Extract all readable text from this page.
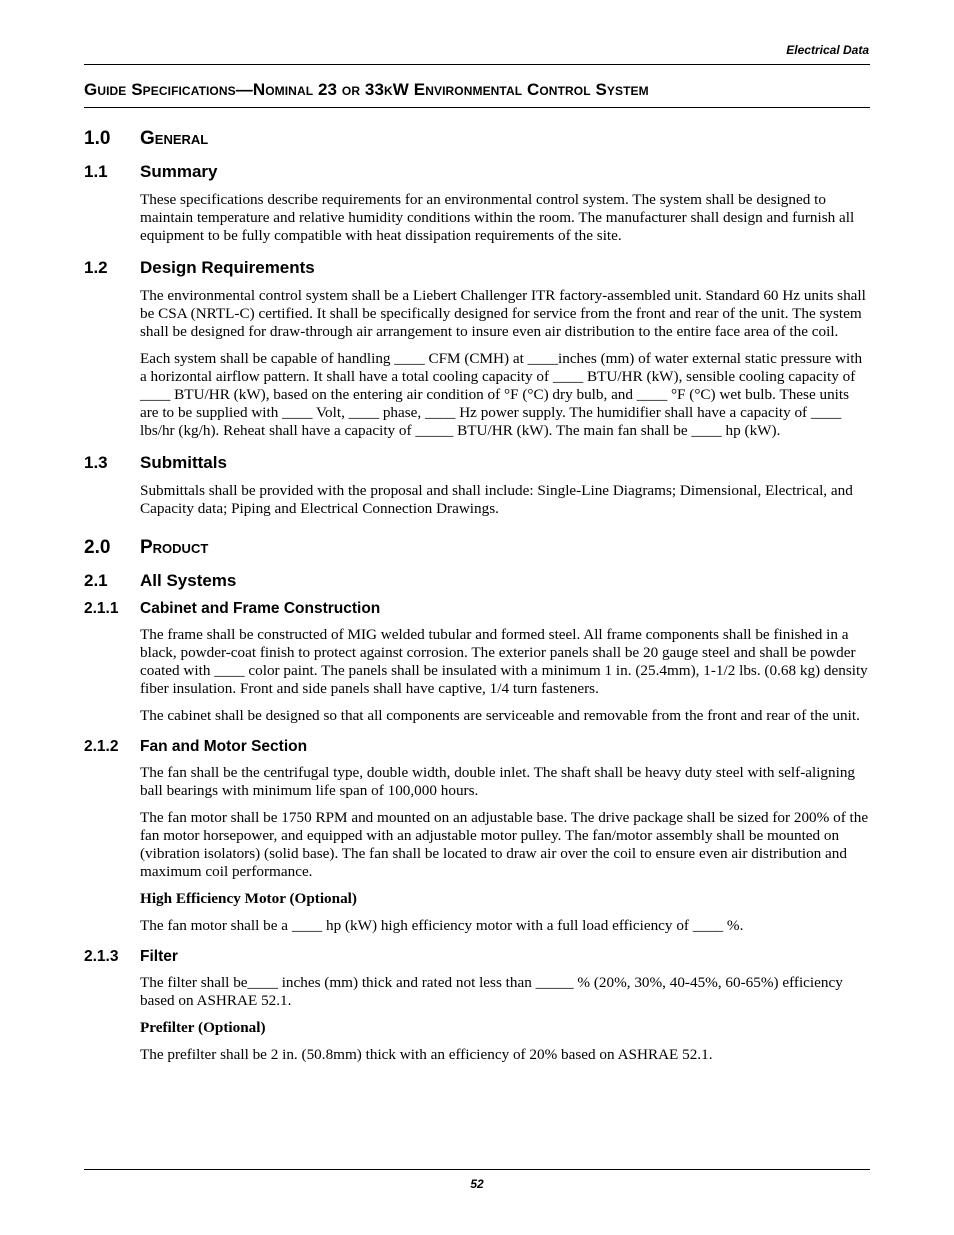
Electrical Data
Guide Specifications—Nominal 23 or 33kW Environmental Control System
1.0	General
1.1	Summary

These specifications describe requirements for an environmental control system. The system shall be designed to maintain temperature and relative humidity conditions within the room. The manufacturer shall design and furnish all equipment to be fully compatible with heat dissipation requirements of the site.

1.2	Design Requirements

The environmental control system shall be a Liebert Challenger ITR factory-assembled unit. Standard 60 Hz units shall be CSA (NRTL-C) certified. It shall be specifically designed for service from the front and rear of the unit. The system shall be designed for draw-through air arrangement to insure even air distribution to the entire face area of the coil.

Each system shall be capable of handling ____ CFM (CMH) at ____inches (mm) of water external static pressure with a horizontal airflow pattern. It shall have a total cooling capacity of ____ BTU/HR (kW), sensible cooling capacity of ____ BTU/HR (kW), based on the entering air condition of °F (°C) dry bulb, and ____ °F (°C) wet bulb. These units are to be supplied with ____ Volt, ____ phase, ____ Hz power supply. The humidifier shall have a capacity of ____ lbs/hr (kg/h). Reheat shall have a capacity of _____ BTU/HR (kW). The main fan shall be ____ hp (kW).

1.3	Submittals

Submittals shall be provided with the proposal and shall include: Single-Line Diagrams; Dimensional, Electrical, and Capacity data; Piping and Electrical Connection Drawings.

2.0	Product
2.1	All Systems
2.1.1	Cabinet and Frame Construction

The frame shall be constructed of MIG welded tubular and formed steel. All frame components shall be finished in a black, powder-coat finish to protect against corrosion. The exterior panels shall be 20 gauge steel and shall be powder coated with ____ color paint. The panels shall be insulated with a minimum 1 in. (25.4mm), 1-1/2 lbs. (0.68 kg) density fiber insulation. Front and side panels shall have captive, 1/4 turn fasteners.

The cabinet shall be designed so that all components are serviceable and removable from the front and rear of the unit.

2.1.2	Fan and Motor Section

The fan shall be the centrifugal type, double width, double inlet. The shaft shall be heavy duty steel with self-aligning ball bearings with minimum life span of 100,000 hours.

The fan motor shall be 1750 RPM and mounted on an adjustable base. The drive package shall be sized for 200% of the fan motor horsepower, and equipped with an adjustable motor pulley. The fan/motor assembly shall be mounted on (vibration isolators) (solid base). The fan shall be located to draw air over the coil to ensure even air distribution and maximum coil performance.

High Efficiency Motor (Optional)

The fan motor shall be a ____ hp (kW) high efficiency motor with a full load efficiency of ____ %.

2.1.3	Filter

The filter shall be____ inches (mm) thick and rated not less than _____ % (20%, 30%, 40-45%, 60-65%) efficiency based on ASHRAE 52.1.

Prefilter (Optional)

The prefilter shall be 2 in. (50.8mm) thick with an efficiency of 20% based on ASHRAE 52.1.

52
